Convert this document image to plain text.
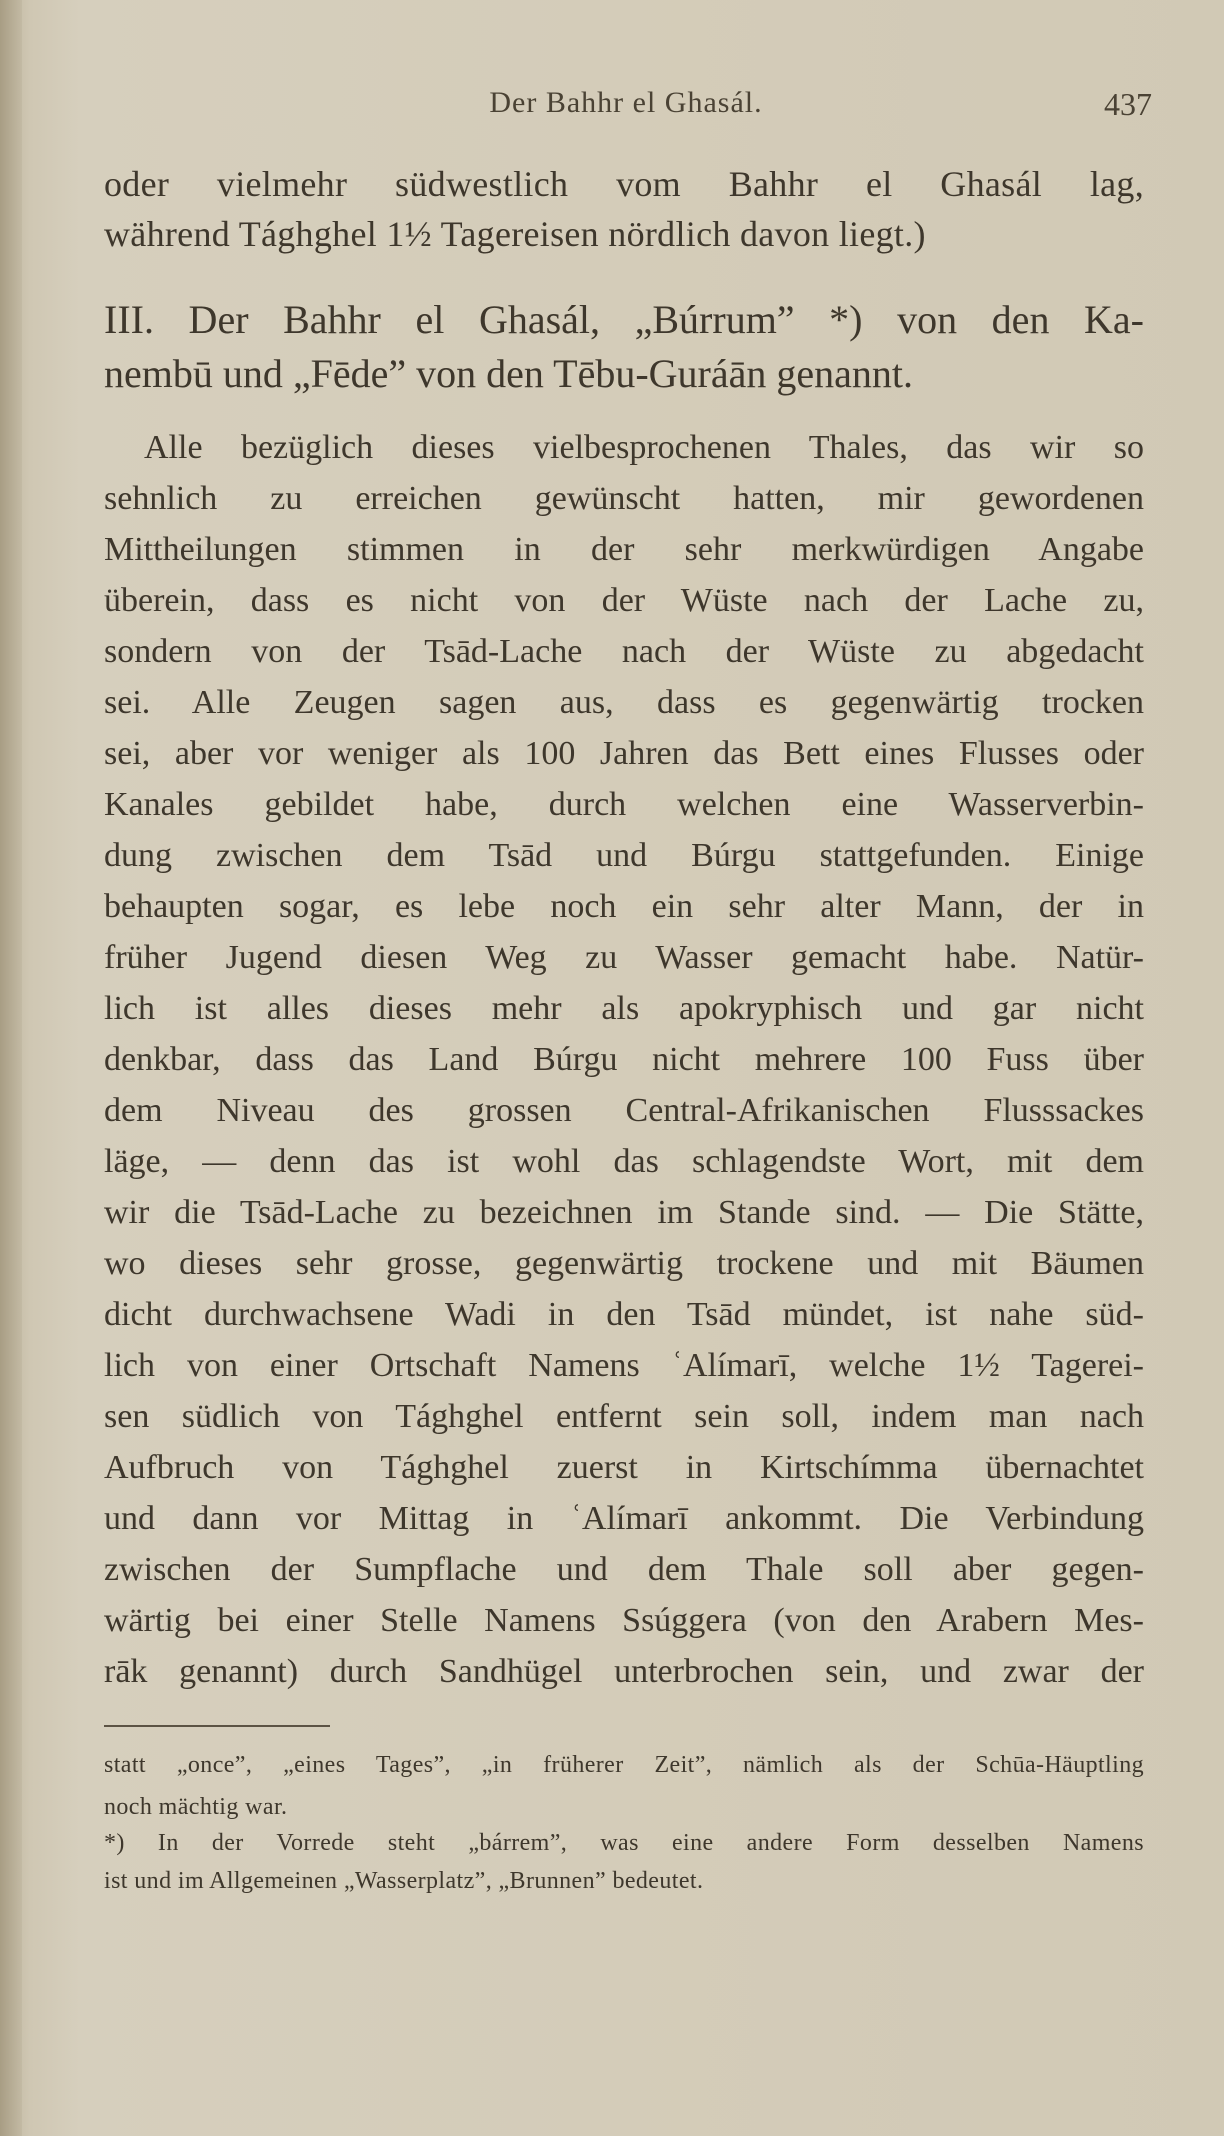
Der Bahhr el Ghasál.	437
oder vielmehr südwestlich vom Bahhr el Ghasál lag,
während Tághghel 1½ Tagereisen nördlich davon liegt.)
III. Der Bahhr el Ghasál, „Búrrum” *) von den Ka-
nembū und „Fēde” von den Tēbu-Guráān genannt.
Alle bezüglich dieses vielbesprochenen Thales, das wir so
sehnlich zu erreichen gewünscht hatten, mir gewordenen
Mittheilungen stimmen in der sehr merkwürdigen Angabe
überein, dass es nicht von der Wüste nach der Lache zu,
sondern von der Tsād-Lache nach der Wüste zu abgedacht
sei. Alle Zeugen sagen aus, dass es gegenwärtig trocken
sei, aber vor weniger als 100 Jahren das Bett eines Flusses oder
Kanales gebildet habe, durch welchen eine Wasserverbin-
dung zwischen dem Tsād und Búrgu stattgefunden. Einige
behaupten sogar, es lebe noch ein sehr alter Mann, der in
früher Jugend diesen Weg zu Wasser gemacht habe. Natür-
lich ist alles dieses mehr als apokryphisch und gar nicht
denkbar, dass das Land Búrgu nicht mehrere 100 Fuss über
dem Niveau des grossen Central-Afrikanischen Flusssackes
läge, — denn das ist wohl das schlagendste Wort, mit dem
wir die Tsād-Lache zu bezeichnen im Stande sind. — Die Stätte,
wo dieses sehr grosse, gegenwärtig trockene und mit Bäumen
dicht durchwachsene Wadi in den Tsād mündet, ist nahe süd-
lich von einer Ortschaft Namens ʿAlímarī, welche 1½ Tagerei-
sen südlich von Tághghel entfernt sein soll, indem man nach
Aufbruch von Tághghel zuerst in Kirtschímma übernachtet
und dann vor Mittag in ʿAlímarī ankommt. Die Verbindung
zwischen der Sumpflache und dem Thale soll aber gegen-
wärtig bei einer Stelle Namens Ssúggera (von den Arabern Mes-
rāk genannt) durch Sandhügel unterbrochen sein, und zwar der
statt „once”, „eines Tages”, „in früherer Zeit”, nämlich als der Schūa-Häuptling
noch mächtig war.
*) In der Vorrede steht „bárrem”, was eine andere Form desselben Namens
ist und im Allgemeinen „Wasserplatz”, „Brunnen” bedeutet.
